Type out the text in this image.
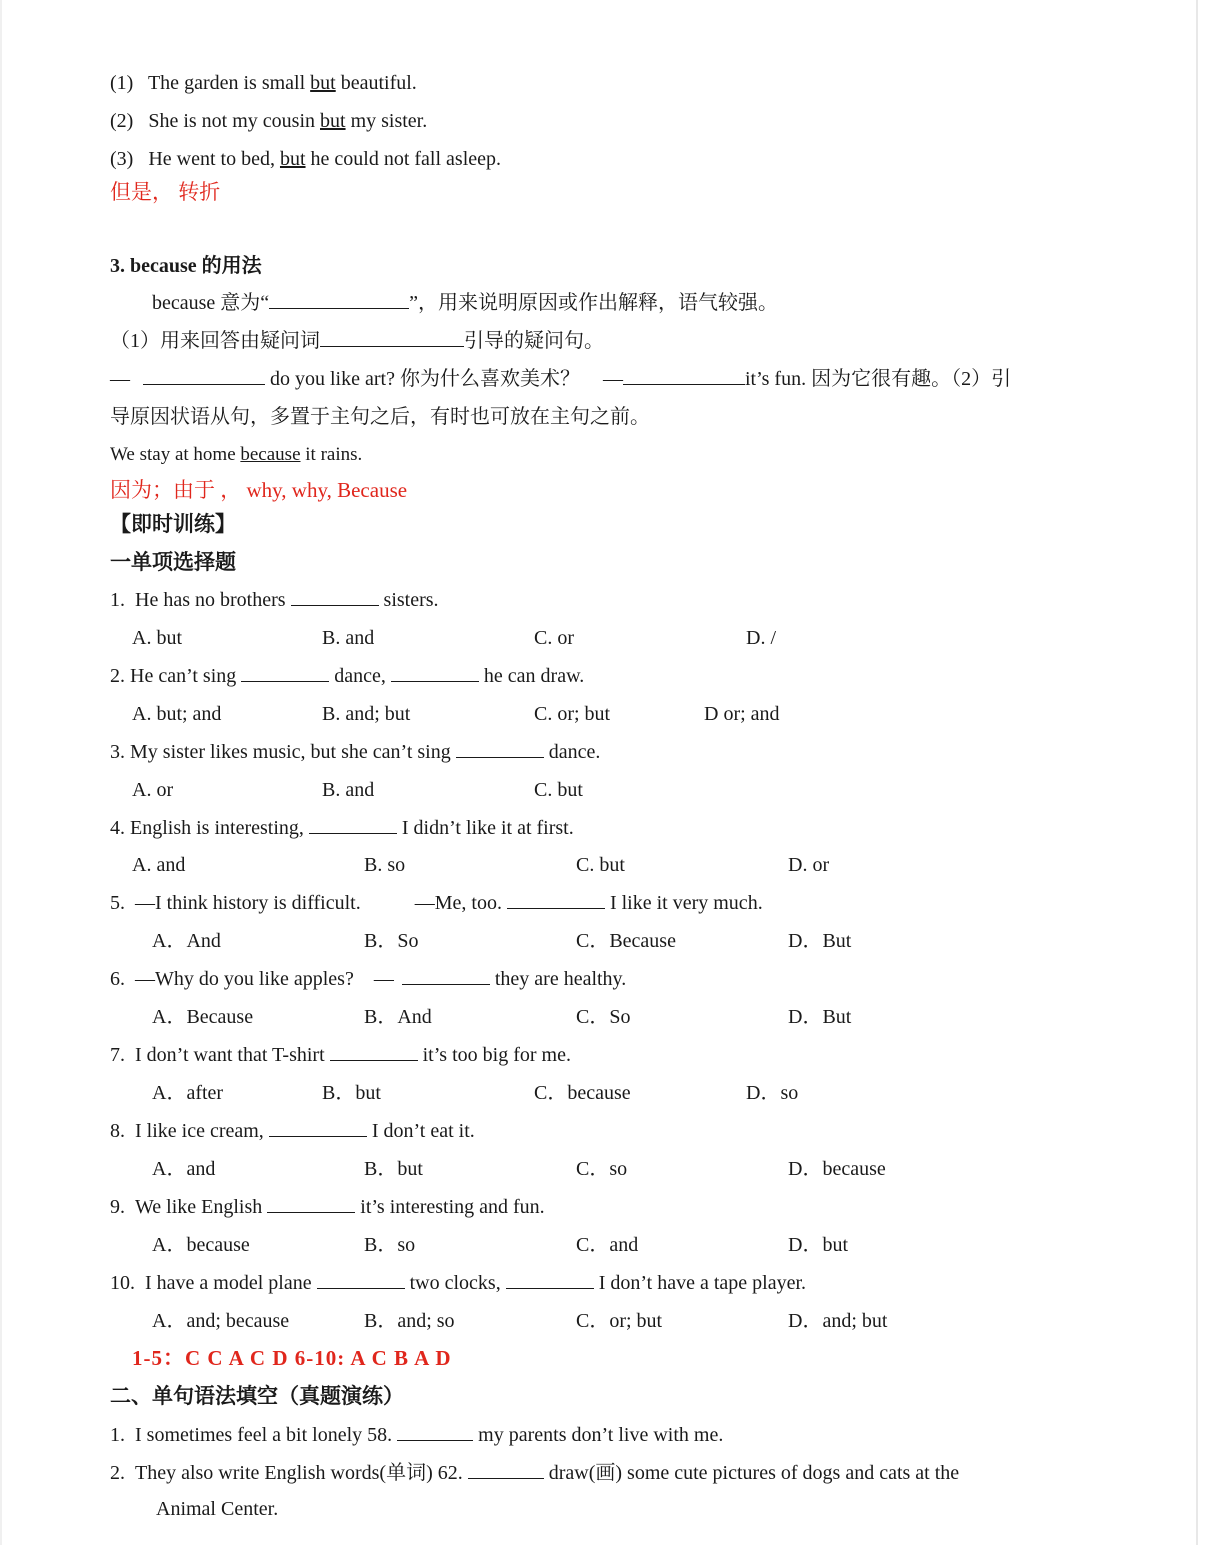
(1) The garden is small but beautiful.
(2) She is not my cousin but my sister.
(3) He went to bed, but he could not fall asleep.
但是， 转折
3. because 的用法
because 意为“	”，用来说明原因或作出解释，语气较强。
（1）用来回答由疑问词	引导的疑问句。
—	do you like art? 你为什么喜欢美术？ —	it’s fun. 因为它很有趣。（2）引
导原因状语从句，多置于主句之后，有时也可放在主句之前。
We stay at home because it rains.
因为；由于 ， why, why, Because
【即时训练】
一单项选择题
1. He has no brothers	sisters.
A. but	B. and	C. or	D. /
2. He can’t sing	dance,	he can draw.
A. but; and	B. and; but	C. or; but	D or; and
3. My sister likes music, but she can’t sing	dance.
A. or	B. and	C. but
4. English is interesting,	I didn’t like it at first.
A. and	B. so	C. but	D. or
5. —I think history is difficult.	—Me, too.	I like it very much.
A．And	B．So	C．Because	D．But
6. —Why do you like apples? —	they are healthy.
A．Because	B．And	C．So	D．But
7. I don’t want that T-shirt	it’s too big for me.
A．after	B．but	C．because	D．so
8. I like ice cream,	I don’t eat it.
A．and	B．but	C．so	D．because
9. We like English	it’s interesting and fun.
A．because	B．so	C．and	D．but
10. I have a model plane	two clocks,	I don’t have a tape player.
A．and; because	B．and; so	C．or; but	D．and; but
1-5：C C A C D 6-10: A C B A D
二、单句语法填空（真题演练）
1. I sometimes feel a bit lonely 58.	my parents don’t live with me.
2. They also write English words(单词) 62.	draw(画) some cute pictures of dogs and cats at the
Animal Center.
